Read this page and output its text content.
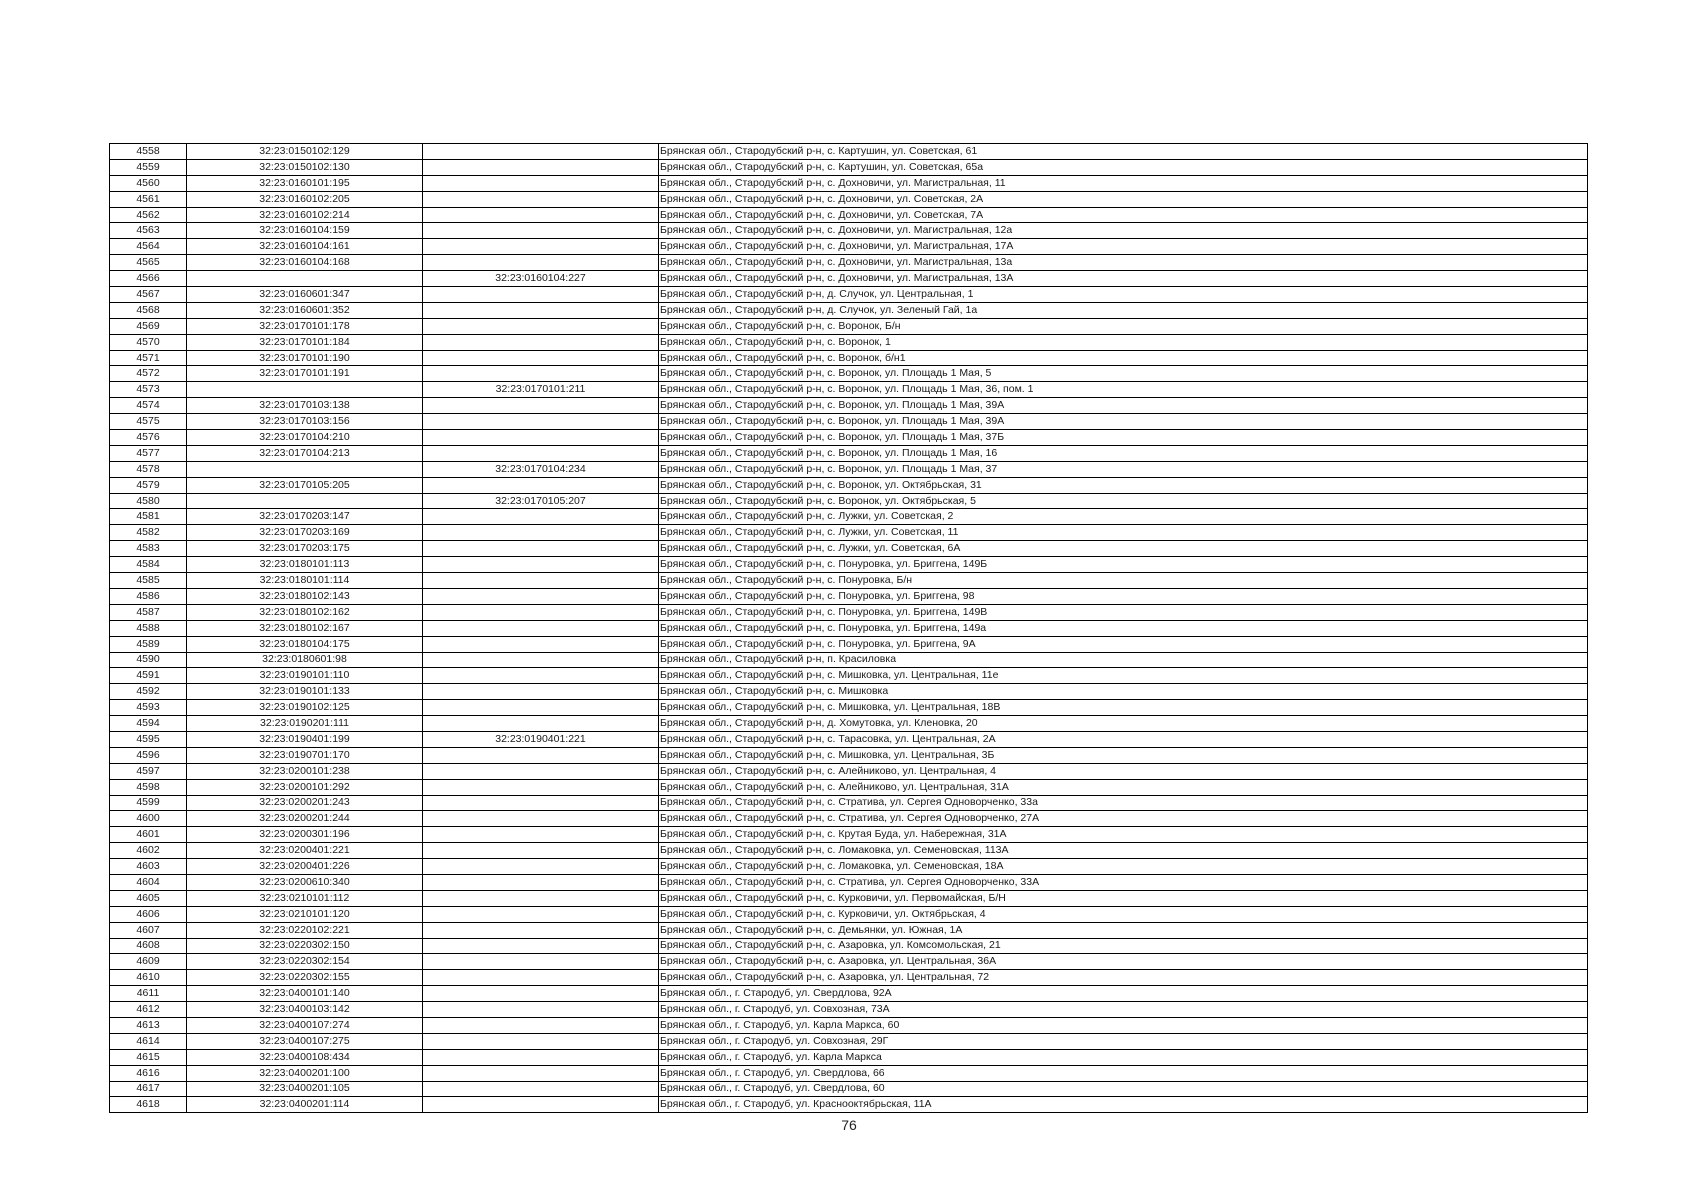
4558	32:23:0150102:129		Брянская обл., Стародубский р-н, с. Картушин, ул. Советская, 61
4559	32:23:0150102:130		Брянская обл., Стародубский р-н, с. Картушин, ул. Советская, 65а
4560	32:23:0160101:195		Брянская обл., Стародубский р-н, с. Дохновичи, ул. Магистральная, 11
4561	32:23:0160102:205		Брянская обл., Стародубский р-н, с. Дохновичи, ул. Советская, 2А
4562	32:23:0160102:214		Брянская обл., Стародубский р-н, с. Дохновичи, ул. Советская, 7А
4563	32:23:0160104:159		Брянская обл., Стародубский р-н, с. Дохновичи, ул. Магистральная, 12а
4564	32:23:0160104:161		Брянская обл., Стародубский р-н, с. Дохновичи, ул. Магистральная, 17А
4565	32:23:0160104:168		Брянская обл., Стародубский р-н, с. Дохновичи, ул. Магистральная, 13а
4566		32:23:0160104:227	Брянская обл., Стародубский р-н, с. Дохновичи, ул. Магистральная, 13А
4567	32:23:0160601:347		Брянская обл., Стародубский р-н, д. Случок, ул. Центральная, 1
4568	32:23:0160601:352		Брянская обл., Стародубский р-н, д. Случок, ул. Зеленый Гай, 1а
4569	32:23:0170101:178		Брянская обл., Стародубский р-н, с. Воронок, Б/н
4570	32:23:0170101:184		Брянская обл., Стародубский р-н, с. Воронок, 1
4571	32:23:0170101:190		Брянская обл., Стародубский р-н, с. Воронок, б/н1
4572	32:23:0170101:191		Брянская обл., Стародубский р-н, с. Воронок, ул. Площадь 1 Мая, 5
4573		32:23:0170101:211	Брянская обл., Стародубский р-н, с. Воронок, ул. Площадь 1 Мая, 36, пом. 1
4574	32:23:0170103:138		Брянская обл., Стародубский р-н, с. Воронок, ул. Площадь 1 Мая, 39А
4575	32:23:0170103:156		Брянская обл., Стародубский р-н, с. Воронок, ул. Площадь 1 Мая, 39А
4576	32:23:0170104:210		Брянская обл., Стародубский р-н, с. Воронок, ул. Площадь 1 Мая, 37Б
4577	32:23:0170104:213		Брянская обл., Стародубский р-н, с. Воронок, ул. Площадь 1 Мая, 16
4578		32:23:0170104:234	Брянская обл., Стародубский р-н, с. Воронок, ул. Площадь 1 Мая, 37
4579	32:23:0170105:205		Брянская обл., Стародубский р-н, с. Воронок, ул. Октябрьская, 31
4580		32:23:0170105:207	Брянская обл., Стародубский р-н, с. Воронок, ул. Октябрьская, 5
4581	32:23:0170203:147		Брянская обл., Стародубский р-н, с. Лужки, ул. Советская, 2
4582	32:23:0170203:169		Брянская обл., Стародубский р-н, с. Лужки, ул. Советская, 11
4583	32:23:0170203:175		Брянская обл., Стародубский р-н, с. Лужки, ул. Советская, 6А
4584	32:23:0180101:113		Брянская обл., Стародубский р-н, с. Понуровка, ул. Бриггена, 149Б
4585	32:23:0180101:114		Брянская обл., Стародубский р-н, с. Понуровка, Б/н
4586	32:23:0180102:143		Брянская обл., Стародубский р-н, с. Понуровка, ул. Бриггена, 98
4587	32:23:0180102:162		Брянская обл., Стародубский р-н, с. Понуровка, ул. Бриггена, 149В
4588	32:23:0180102:167		Брянская обл., Стародубский р-н, с. Понуровка, ул. Бриггена, 149а
4589	32:23:0180104:175		Брянская обл., Стародубский р-н, с. Понуровка, ул. Бриггена, 9А
4590	32:23:0180601:98		Брянская обл., Стародубский р-н, п. Красиловка
4591	32:23:0190101:110		Брянская обл., Стародубский р-н, с. Мишковка, ул. Центральная, 11е
4592	32:23:0190101:133		Брянская обл., Стародубский р-н, с. Мишковка
4593	32:23:0190102:125		Брянская обл., Стародубский р-н, с. Мишковка, ул. Центральная, 18В
4594	32:23:0190201:111		Брянская обл., Стародубский р-н, д. Хомутовка, ул. Кленовка, 20
4595	32:23:0190401:199	32:23:0190401:221	Брянская обл., Стародубский р-н, с. Тарасовка, ул. Центральная, 2А
4596	32:23:0190701:170		Брянская обл., Стародубский р-н, с. Мишковка, ул. Центральная, 3Б
4597	32:23:0200101:238		Брянская обл., Стародубский р-н, с. Алейниково, ул. Центральная, 4
4598	32:23:0200101:292		Брянская обл., Стародубский р-н, с. Алейниково, ул. Центральная, 31А
4599	32:23:0200201:243		Брянская обл., Стародубский р-н, с. Стратива, ул. Сергея Одноворченко, 33а
4600	32:23:0200201:244		Брянская обл., Стародубский р-н, с. Стратива, ул. Сергея Одноворченко, 27А
4601	32:23:0200301:196		Брянская обл., Стародубский р-н, с. Крутая Буда, ул. Набережная, 31А
4602	32:23:0200401:221		Брянская обл., Стародубский р-н, с. Ломаковка, ул. Семеновская, 113А
4603	32:23:0200401:226		Брянская обл., Стародубский р-н, с. Ломаковка, ул. Семеновская, 18А
4604	32:23:0200610:340		Брянская обл., Стародубский р-н, с. Стратива, ул. Сергея Одноворченко, 33А
4605	32:23:0210101:112		Брянская обл., Стародубский р-н, с. Курковичи, ул. Первомайская, Б/Н
4606	32:23:0210101:120		Брянская обл., Стародубский р-н, с. Курковичи, ул. Октябрьская, 4
4607	32:23:0220102:221		Брянская обл., Стародубский р-н, с. Демьянки, ул. Южная, 1А
4608	32:23:0220302:150		Брянская обл., Стародубский р-н, с. Азаровка, ул. Комсомольская, 21
4609	32:23:0220302:154		Брянская обл., Стародубский р-н, с. Азаровка, ул. Центральная, 36А
4610	32:23:0220302:155		Брянская обл., Стародубский р-н, с. Азаровка, ул. Центральная, 72
4611	32:23:0400101:140		Брянская обл., г. Стародуб, ул. Свердлова, 92А
4612	32:23:0400103:142		Брянская обл., г. Стародуб, ул. Совхозная, 73А
4613	32:23:0400107:274		Брянская обл., г. Стародуб, ул. Карла Маркса, 60
4614	32:23:0400107:275		Брянская обл., г. Стародуб, ул. Совхозная, 29Г
4615	32:23:0400108:434		Брянская обл., г. Стародуб, ул. Карла Маркса
4616	32:23:0400201:100		Брянская обл., г. Стародуб, ул. Свердлова, 66
4617	32:23:0400201:105		Брянская обл., г. Стародуб, ул. Свердлова, 60
4618	32:23:0400201:114		Брянская обл., г. Стародуб, ул. Краснооктябрьская, 11А
76
